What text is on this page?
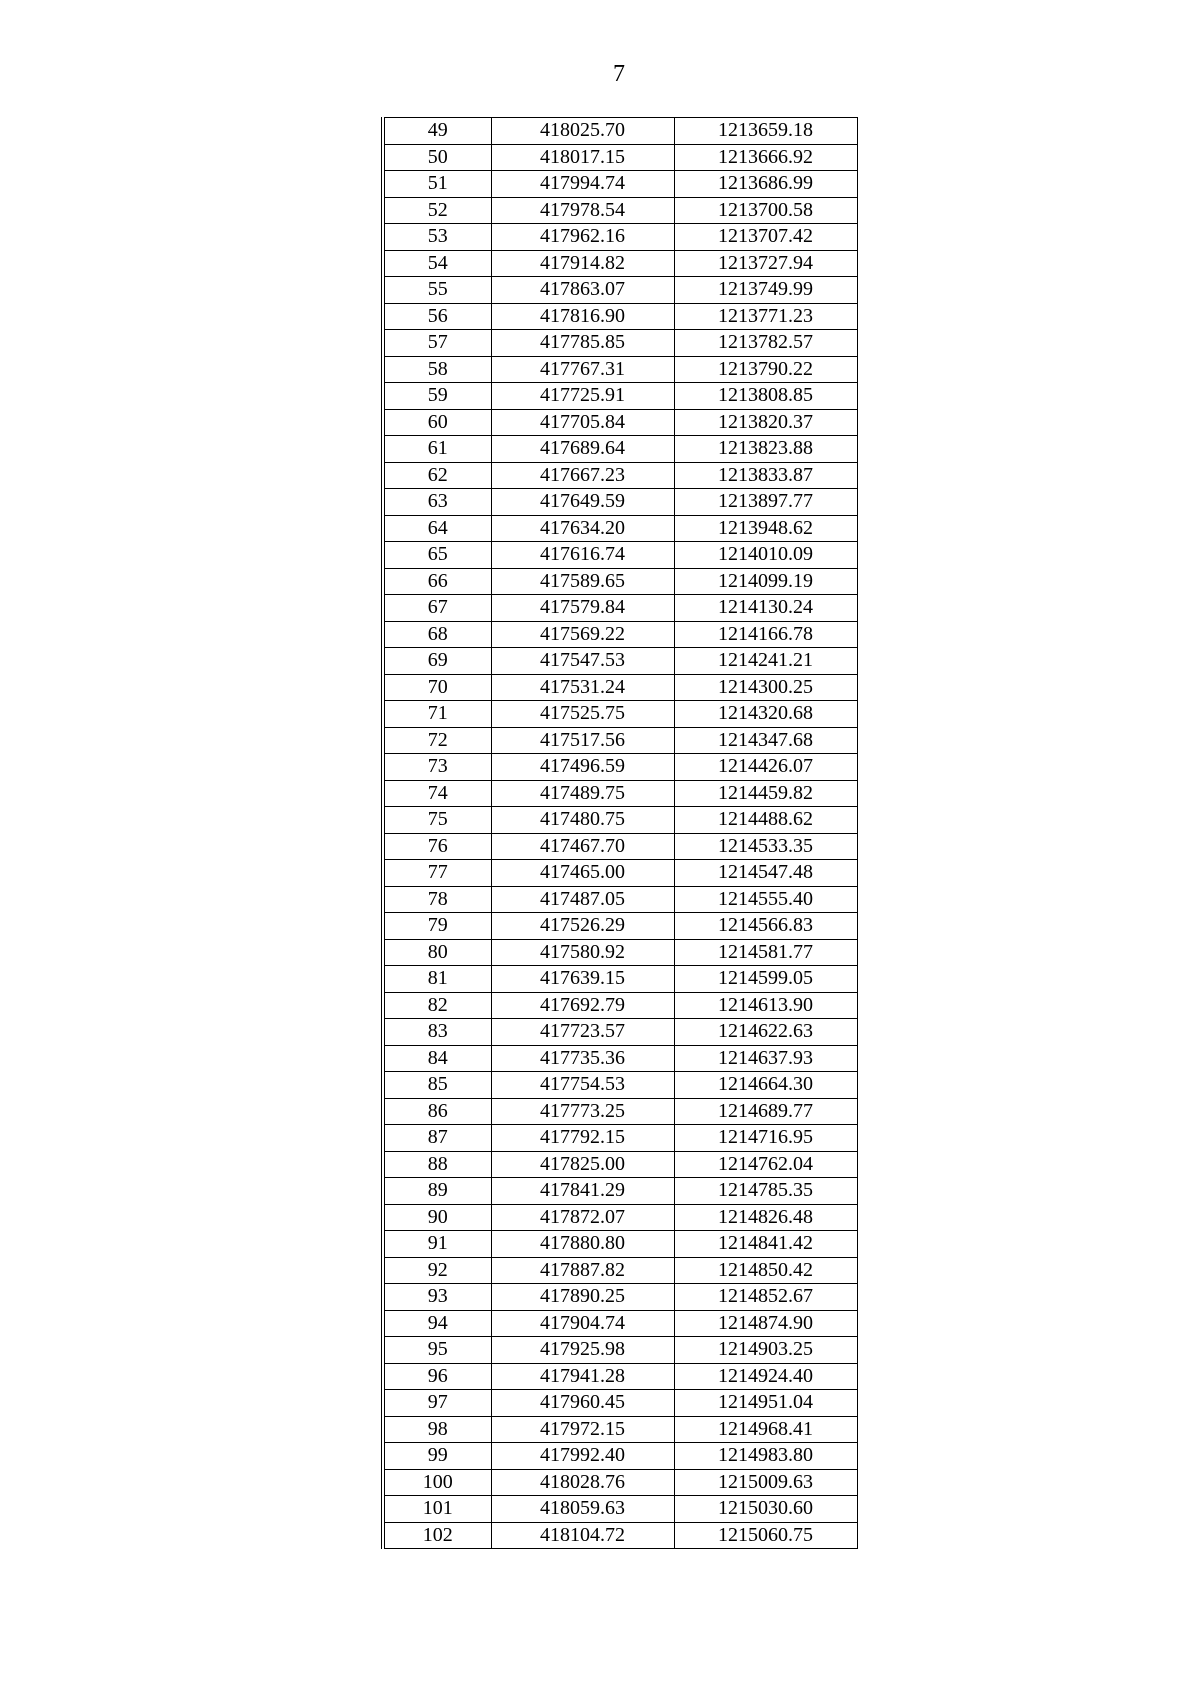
7
49	418025.70	1213659.18
50	418017.15	1213666.92
51	417994.74	1213686.99
52	417978.54	1213700.58
53	417962.16	1213707.42
54	417914.82	1213727.94
55	417863.07	1213749.99
56	417816.90	1213771.23
57	417785.85	1213782.57
58	417767.31	1213790.22
59	417725.91	1213808.85
60	417705.84	1213820.37
61	417689.64	1213823.88
62	417667.23	1213833.87
63	417649.59	1213897.77
64	417634.20	1213948.62
65	417616.74	1214010.09
66	417589.65	1214099.19
67	417579.84	1214130.24
68	417569.22	1214166.78
69	417547.53	1214241.21
70	417531.24	1214300.25
71	417525.75	1214320.68
72	417517.56	1214347.68
73	417496.59	1214426.07
74	417489.75	1214459.82
75	417480.75	1214488.62
76	417467.70	1214533.35
77	417465.00	1214547.48
78	417487.05	1214555.40
79	417526.29	1214566.83
80	417580.92	1214581.77
81	417639.15	1214599.05
82	417692.79	1214613.90
83	417723.57	1214622.63
84	417735.36	1214637.93
85	417754.53	1214664.30
86	417773.25	1214689.77
87	417792.15	1214716.95
88	417825.00	1214762.04
89	417841.29	1214785.35
90	417872.07	1214826.48
91	417880.80	1214841.42
92	417887.82	1214850.42
93	417890.25	1214852.67
94	417904.74	1214874.90
95	417925.98	1214903.25
96	417941.28	1214924.40
97	417960.45	1214951.04
98	417972.15	1214968.41
99	417992.40	1214983.80
100	418028.76	1215009.63
101	418059.63	1215030.60
102	418104.72	1215060.75
